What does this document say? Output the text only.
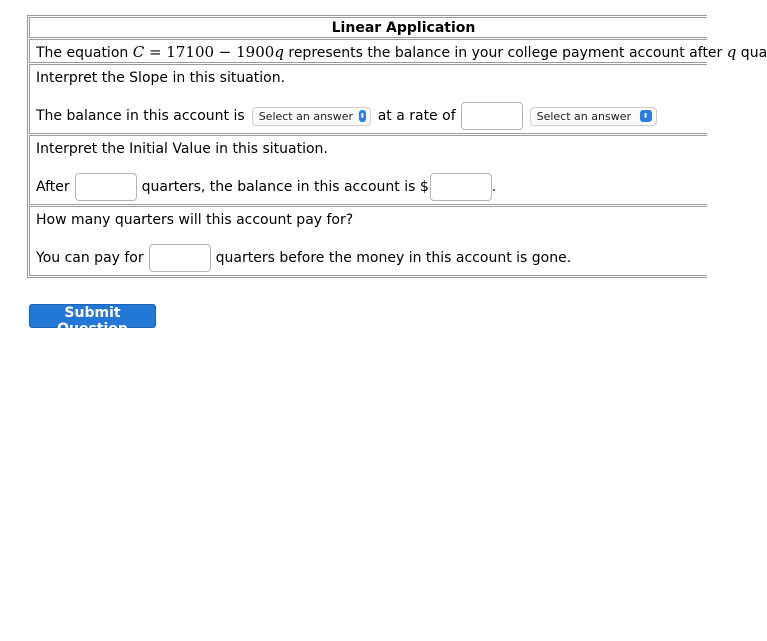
Linear Application
The equation C = 17100 − 1900q represents the balance in your college payment account after q qua
Interpret the Slope in this situation.
The balance in this account is Select an answer ⬍ at a rate of	Select an answer	⬍
Interpret the Initial Value in this situation.
After	quarters, the balance in this account is $	.
How many quarters will this account pay for?
You can pay for	quarters before the money in this account is gone.
Submit Question
